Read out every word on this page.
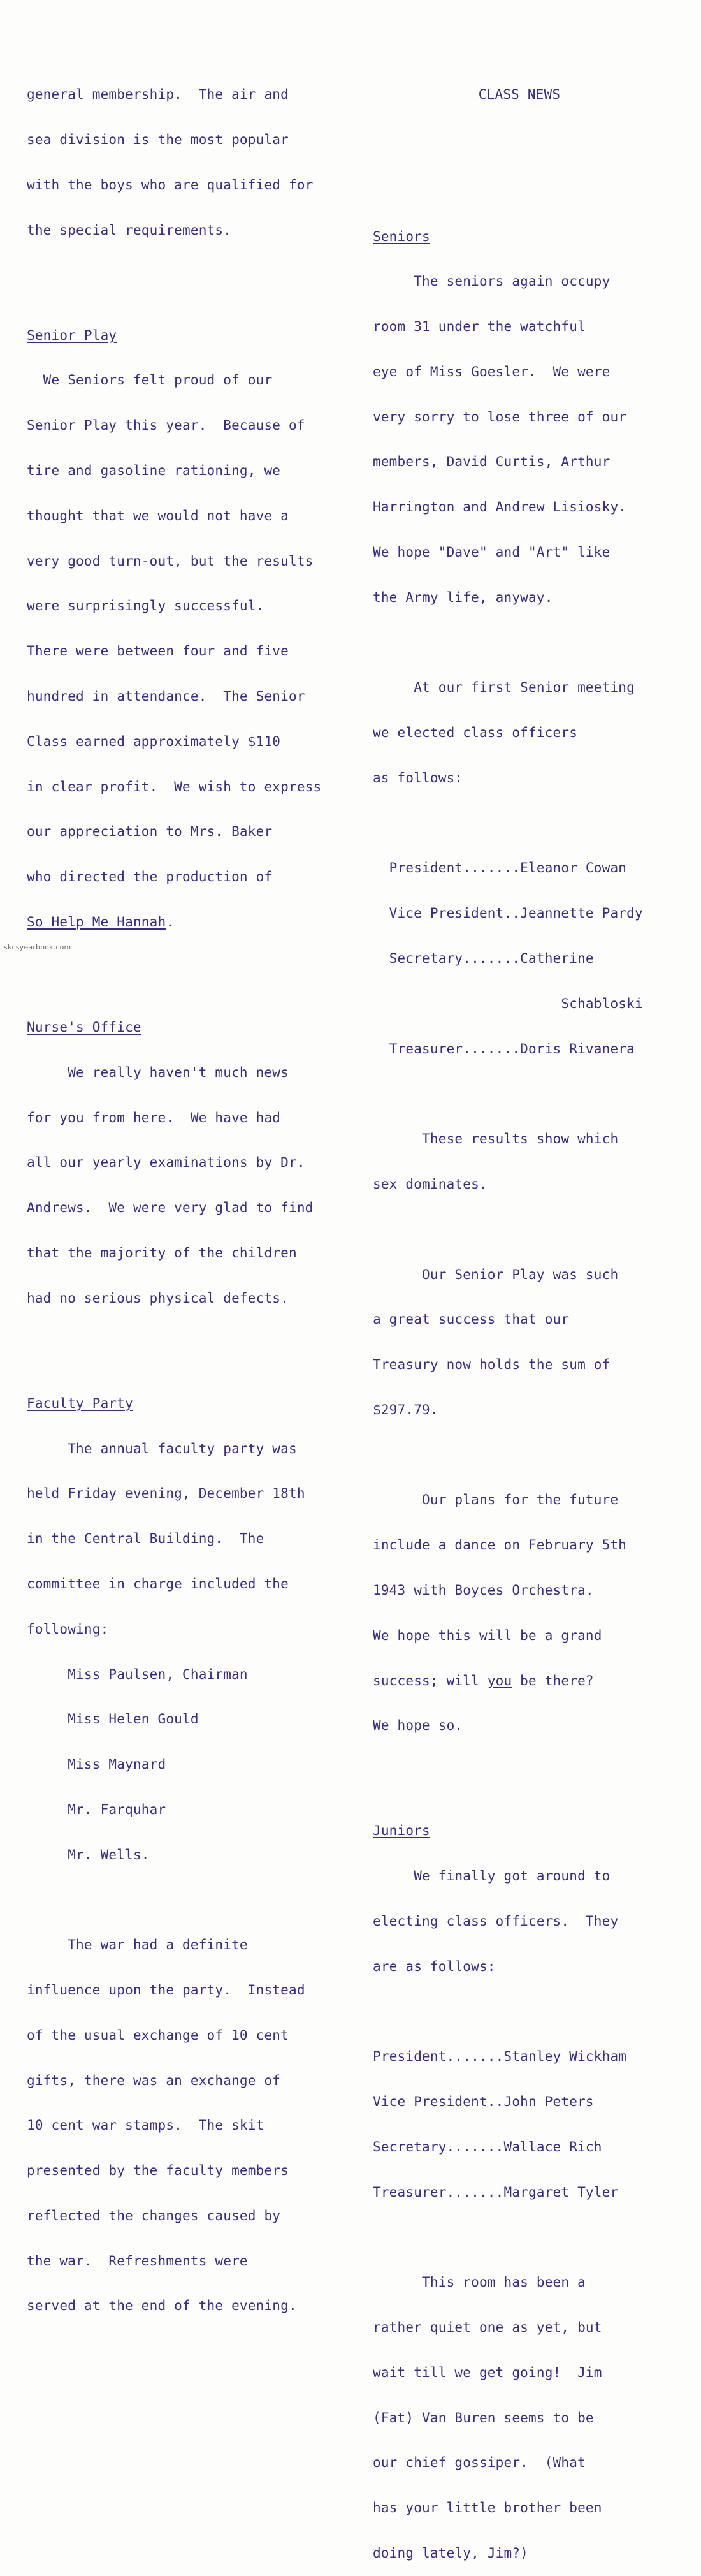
general membership.  The air and

sea division is the most popular

with the boys who are qualified for

the special requirements.

Senior Play

We Seniors felt proud of our

Senior Play this year.  Because of

tire and gasoline rationing, we

thought that we would not have a

very good turn-out, but the results

were surprisingly successful.

There were between four and five

hundred in attendance.  The Senior

Class earned approximately $110

in clear profit.  We wish to express

our appreciation to Mrs. Baker

who directed the production of

So Help Me Hannah.

Nurse's Office

We really haven't much news

for you from here.  We have had

all our yearly examinations by Dr.

Andrews.  We were very glad to find

that the majority of the children

had no serious physical defects.

Faculty Party

The annual faculty party was

held Friday evening, December 18th

in the Central Building.  The

committee in charge included the

following:

Miss Paulsen, Chairman

Miss Helen Gould

Miss Maynard

Mr. Farquhar

Mr. Wells.

The war had a definite

influence upon the party.  Instead

of the usual exchange of 10 cent

gifts, there was an exchange of

10 cent war stamps.  The skit

presented by the faculty members

reflected the changes caused by

the war.  Refreshments were

served at the end of the evening.

CLASS NEWS

Seniors

The seniors again occupy

room 31 under the watchful

eye of Miss Goesler.  We were

very sorry to lose three of our

members, David Curtis, Arthur

Harrington and Andrew Lisiosky.

We hope "Dave" and "Art" like

the Army life, anyway.

At our first Senior meeting

we elected class officers

as follows:

President.......Eleanor Cowan

Vice President..Jeannette Pardy

Secretary.......Catherine

Schabloski

Treasurer.......Doris Rivanera

These results show which

sex dominates.

Our Senior Play was such

a great success that our

Treasury now holds the sum of

$297.79.

Our plans for the future

include a dance on February 5th

1943 with Boyces Orchestra.

We hope this will be a grand

success; will you be there?

We hope so.

Juniors

We finally got around to

electing class officers.  They

are as follows:

President.......Stanley Wickham

Vice President..John Peters

Secretary.......Wallace Rich

Treasurer.......Margaret Tyler

This room has been a

rather quiet one as yet, but

wait till we get going!  Jim

(Fat) Van Buren seems to be

our chief gossiper.  (What

has your little brother been

doing lately, Jim?)

skcsyearbook.com
